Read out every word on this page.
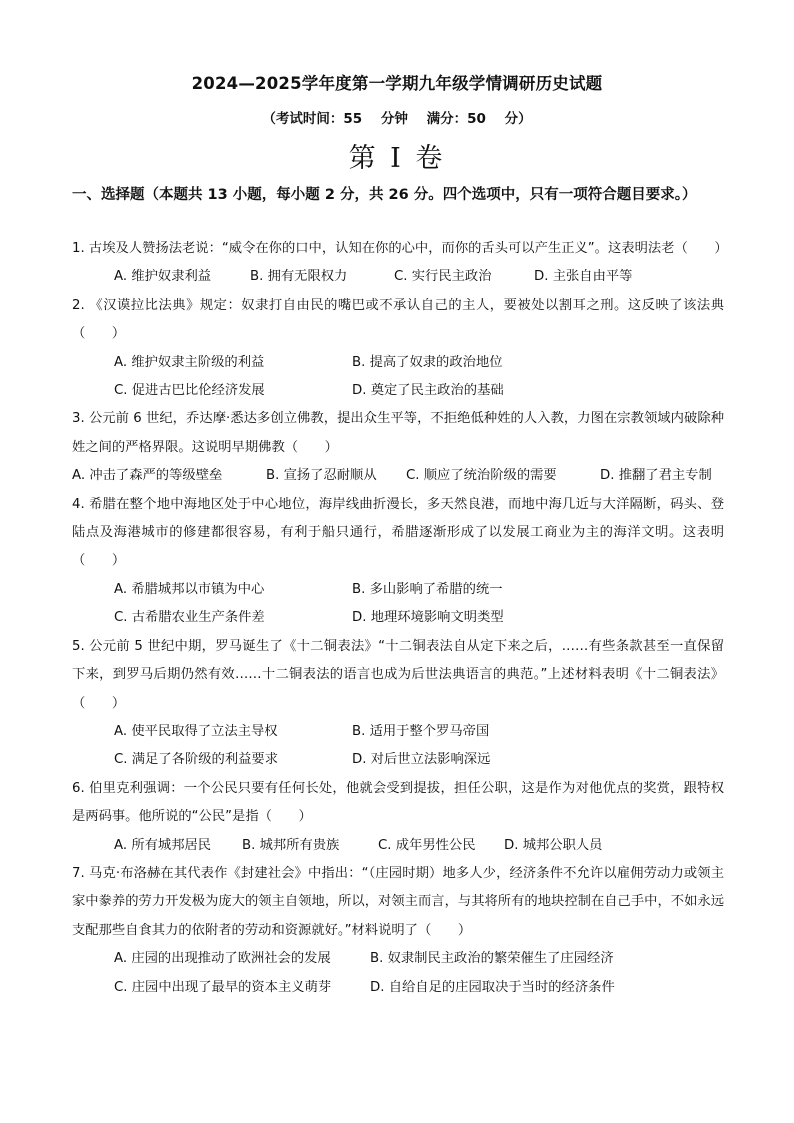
2024—2025学年度第一学期九年级学情调研历史试题
（考试时间：55 分钟 满分：50 分）
第 I 卷
一、选择题（本题共 13 小题，每小题 2 分，共 26 分。四个选项中，只有一项符合题目要求。）

1. 古埃及人赞扬法老说：“威令在你的口中，认知在你的心中，而你的舌头可以产生正义”。这表明法老（　　）

A. 维护奴隶利益	B. 拥有无限权力	C. 实行民主政治	D. 主张自由平等

2. 《汉谟拉比法典》规定：奴隶打自由民的嘴巴或不承认自己的主人，要被处以割耳之刑。这反映了该法典（　　）

A. 维护奴隶主阶级的利益	B. 提高了奴隶的政治地位
C. 促进古巴比伦经济发展	D. 奠定了民主政治的基础

3. 公元前 6 世纪，乔达摩·悉达多创立佛教，提出众生平等，不拒绝低种姓的人入教，力图在宗教领域内破除种姓之间的严格界限。这说明早期佛教（　　）

A. 冲击了森严的等级壁垒	B. 宣扬了忍耐顺从	C. 顺应了统治阶级的需要	D. 推翻了君主专制

4. 希腊在整个地中海地区处于中心地位，海岸线曲折漫长，多天然良港，而地中海几近与大洋隔断，码头、登陆点及海港城市的修建都很容易，有利于船只通行，希腊逐渐形成了以发展工商业为主的海洋文明。这表明（　　）

A. 希腊城邦以市镇为中心	B. 多山影响了希腊的统一
C. 古希腊农业生产条件差	D. 地理环境影响文明类型

5. 公元前 5 世纪中期，罗马诞生了《十二铜表法》“十二铜表法自从定下来之后，……有些条款甚至一直保留下来，到罗马后期仍然有效……十二铜表法的语言也成为后世法典语言的典范。”上述材料表明《十二铜表法》（　　）

A. 使平民取得了立法主导权	B. 适用于整个罗马帝国
C. 满足了各阶级的利益要求	D. 对后世立法影响深远

6. 伯里克利强调：一个公民只要有任何长处，他就会受到提拔，担任公职，这是作为对他优点的奖赏，跟特权是两码事。他所说的“公民”是指（　　）

A. 所有城邦居民	B. 城邦所有贵族	C. 成年男性公民	D. 城邦公职人员

7. 马克·布洛赫在其代表作《封建社会》中指出：“（庄园时期）地多人少，经济条件不允许以雇佣劳动力或领主家中豢养的劳力开发极为庞大的领主自领地，所以，对领主而言，与其将所有的地块控制在自己手中，不如永远支配那些自食其力的依附者的劳动和资源就好。”材料说明了（　　）

A. 庄园的出现推动了欧洲社会的发展	B. 奴隶制民主政治的繁荣催生了庄园经济
C. 庄园中出现了最早的资本主义萌芽	D. 自给自足的庄园取决于当时的经济条件
